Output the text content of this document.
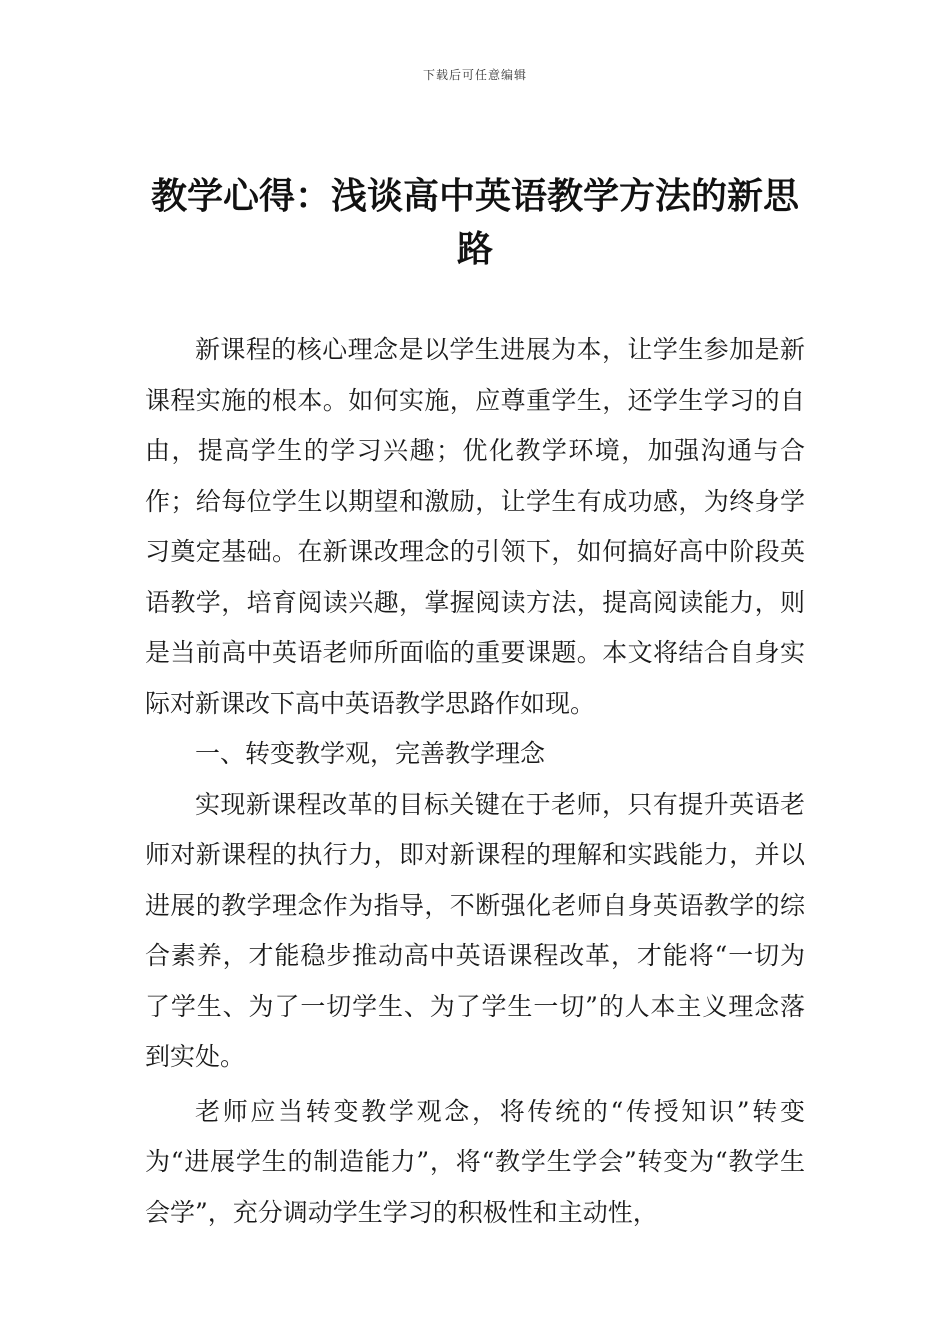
下载后可任意编辑
教学心得：浅谈高中英语教学方法的新思路

新课程的核心理念是以学生进展为本，让学生参加是新课程实施的根本。如何实施，应尊重学生，还学生学习的自由，提高学生的学习兴趣；优化教学环境，加强沟通与合作；给每位学生以期望和激励，让学生有成功感，为终身学习奠定基础。在新课改理念的引领下，如何搞好高中阶段英语教学，培育阅读兴趣，掌握阅读方法，提高阅读能力，则是当前高中英语老师所面临的重要课题。本文将结合自身实际对新课改下高中英语教学思路作如现。

一、转变教学观，完善教学理念

实现新课程改革的目标关键在于老师，只有提升英语老师对新课程的执行力，即对新课程的理解和实践能力，并以进展的教学理念作为指导，不断强化老师自身英语教学的综合素养，才能稳步推动高中英语课程改革，才能将“一切为了学生、为了一切学生、为了学生一切”的人本主义理念落到实处。

老师应当转变教学观念，将传统的“传授知识”转变为“进展学生的制造能力”，将“教学生学会”转变为“教学生会学”，充分调动学生学习的积极性和主动性，
